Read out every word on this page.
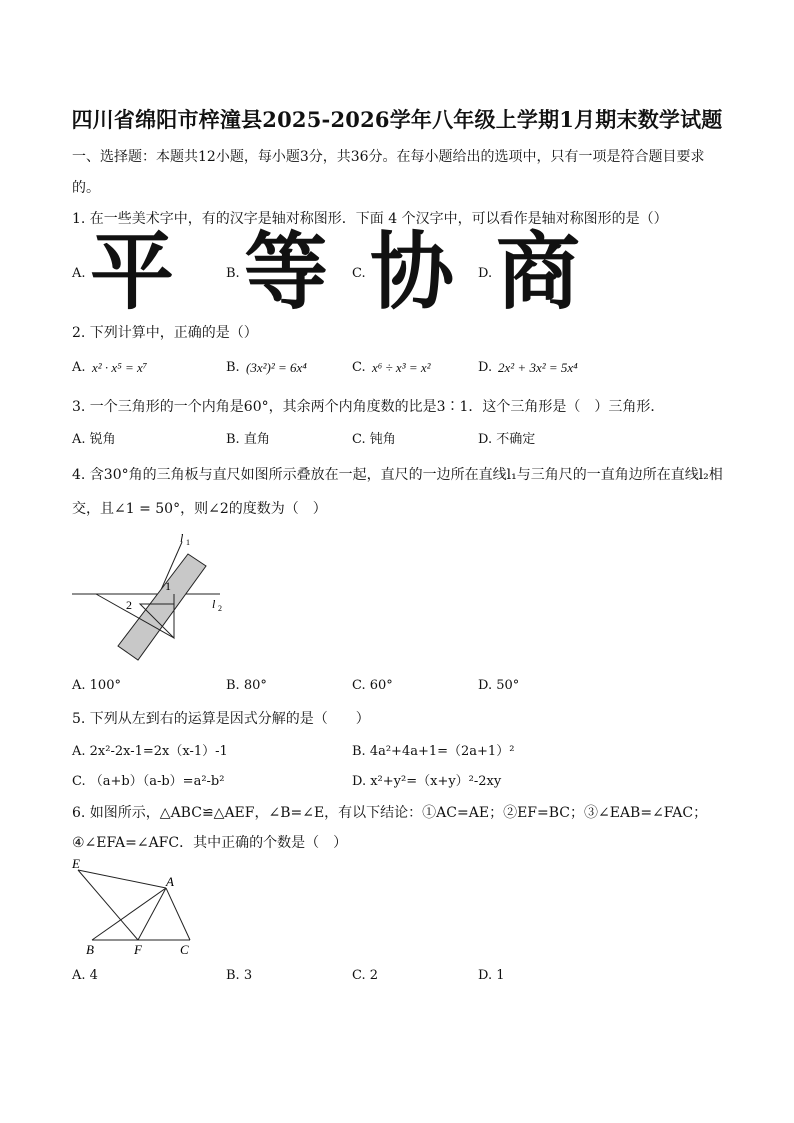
四川省绵阳市梓潼县2025-2026学年八年级上学期1月期末数学试题
一、选择题：本题共12小题，每小题3分，共36分。在每小题给出的选项中，只有一项是符合题目要求
的。
1. 在一些美术字中，有的汉字是轴对称图形．下面 4 个汉字中，可以看作是轴对称图形的是（）
A. 平	B. 等 C. 协 D. 商
2. 下列计算中，正确的是（）
A. x² · x⁵ = x⁷	B. (3x²)² = 6x⁴	C. x⁶ ÷ x³ = x²	D. 2x² + 3x² = 5x⁴
3. 一个三角形的一个内角是60°，其余两个内角度数的比是3∶1．这个三角形是（　）三角形．
A. 锐角	B. 直角	C. 钝角	D. 不确定
4. 含30°角的三角板与直尺如图所示叠放在一起，直尺的一边所在直线l₁与三角尺的一直角边所在直线l₂相
交，且∠1 = 50°，则∠2的度数为（　）
l 1
l 2
1
2
A. 100°	B. 80°	C. 60°	D. 50°
5. 下列从左到右的运算是因式分解的是（　　）
A. 2x²-2x-1=2x（x-1）-1	B. 4a²+4a+1=（2a+1）²
C. （a+b）（a-b）=a²-b²	D. x²+y²=（x+y）²-2xy
6. 如图所示，△ABC≌△AEF，∠B=∠E，有以下结论：①AC=AE；②EF=BC；③∠EAB=∠FAC；
④∠EFA=∠AFC．其中正确的个数是（　）
E
A
B	F	C
A. 4	B. 3	C. 2	D. 1
